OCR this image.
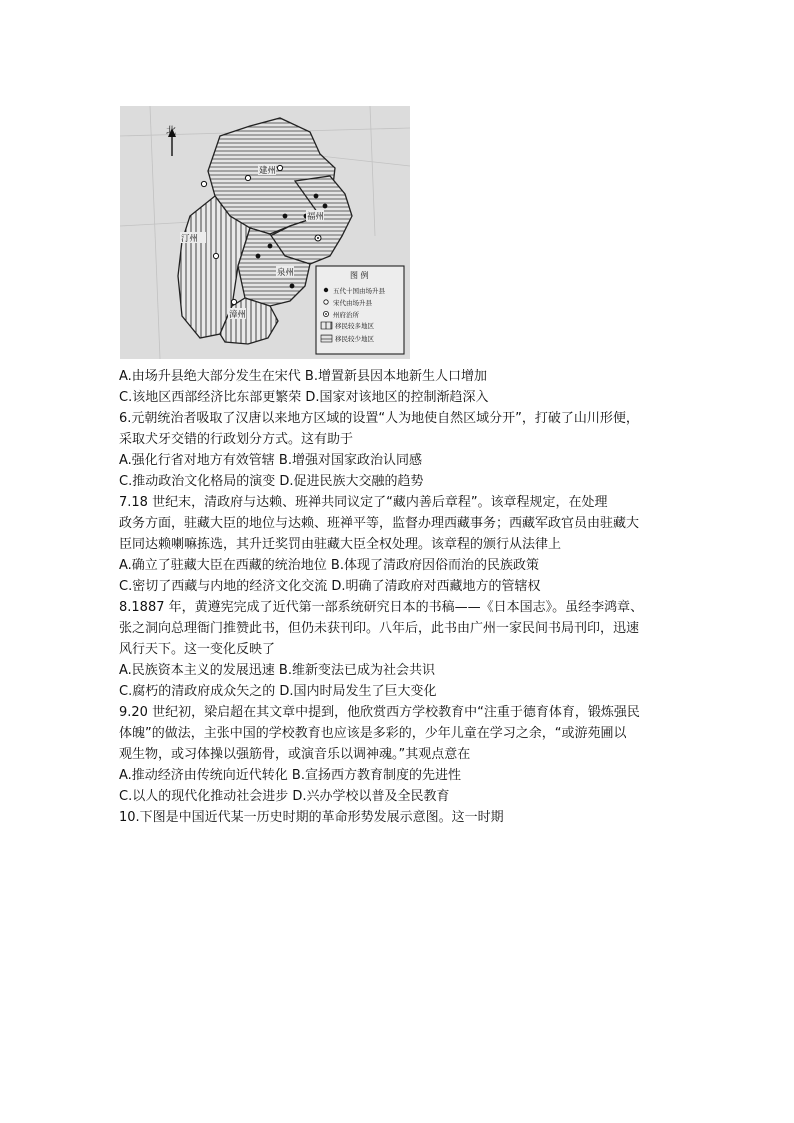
北
建州
福州
汀州
泉州
漳州
图 例
五代十国由场升县
宋代由场升县
州府治所
移民较多地区
移民较少地区
A.由场升县绝大部分发生在宋代 B.增置新县因本地新生人口增加
C.该地区西部经济比东部更繁荣 D.国家对该地区的控制渐趋深入
6.元朝统治者吸取了汉唐以来地方区域的设置“人为地使自然区域分开”，打破了山川形便，
采取犬牙交错的行政划分方式。这有助于
A.强化行省对地方有效管辖 B.增强对国家政治认同感
C.推动政治文化格局的演变 D.促进民族大交融的趋势
7.18 世纪末，清政府与达赖、班禅共同议定了“藏内善后章程”。该章程规定，在处理
政务方面，驻藏大臣的地位与达赖、班禅平等，监督办理西藏事务；西藏军政官员由驻藏大
臣同达赖喇嘛拣选，其升迁奖罚由驻藏大臣全权处理。该章程的颁行从法律上
A.确立了驻藏大臣在西藏的统治地位 B.体现了清政府因俗而治的民族政策
C.密切了西藏与内地的经济文化交流 D.明确了清政府对西藏地方的管辖权
8.1887 年，黄遵宪完成了近代第一部系统研究日本的书稿——《日本国志》。虽经李鸿章、
张之洞向总理衙门推赞此书，但仍未获刊印。八年后，此书由广州一家民间书局刊印，迅速
风行天下。这一变化反映了
A.民族资本主义的发展迅速 B.维新变法已成为社会共识
C.腐朽的清政府成众矢之的 D.国内时局发生了巨大变化
9.20 世纪初，梁启超在其文章中提到，他欣赏西方学校教育中“注重于德育体育，锻炼强民
体魄”的做法，主张中国的学校教育也应该是多彩的，少年儿童在学习之余，“或游苑圃以
观生物，或习体操以强筋骨，或演音乐以调神魂。”其观点意在
A.推动经济由传统向近代转化 B.宣扬西方教育制度的先进性
C.以人的现代化推动社会进步 D.兴办学校以普及全民教育
10.下图是中国近代某一历史时期的革命形势发展示意图。这一时期
